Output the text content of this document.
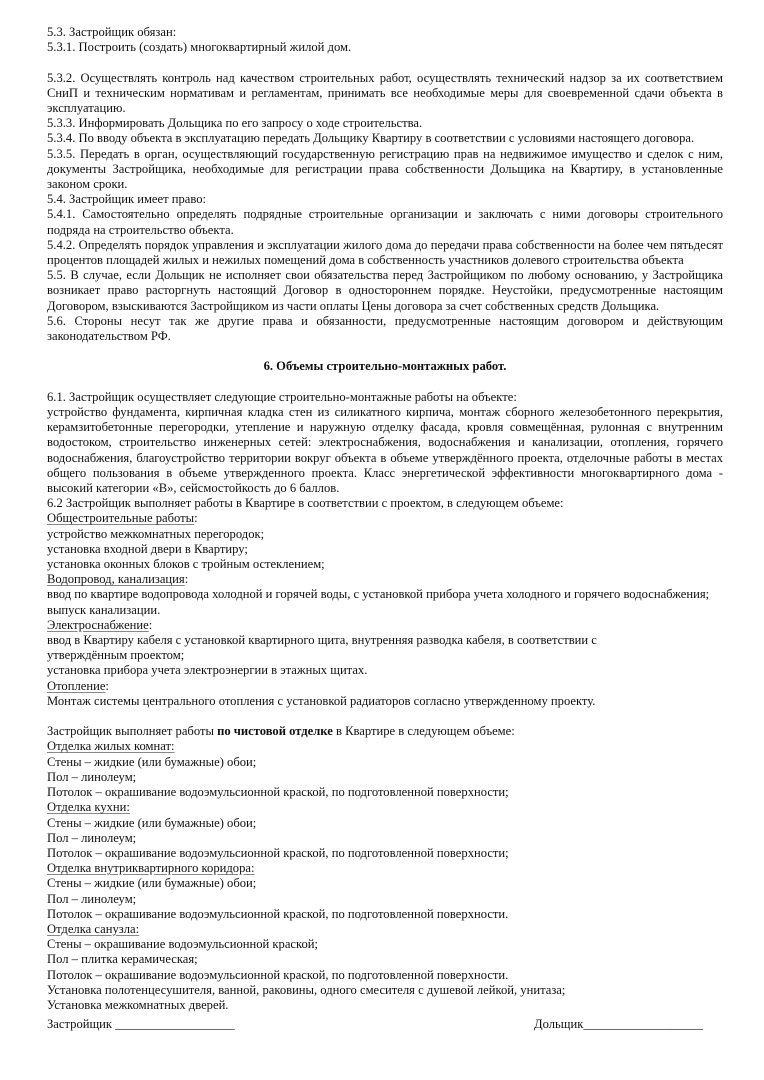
5.3. Застройщик обязан:

5.3.1. Построить (создать) многоквартирный жилой дом.

5.3.2. Осуществлять контроль над качеством строительных работ, осуществлять технический надзор за их соответствием СниП и техническим нормативам и регламентам, принимать все необходимые меры для своевременной сдачи объекта в эксплуатацию.

5.3.3. Информировать Дольщика по его запросу о ходе строительства.

5.3.4. По вводу объекта в эксплуатацию передать Дольщику Квартиру в соответствии с условиями настоящего договора.

5.3.5. Передать в орган, осуществляющий государственную регистрацию прав на недвижимое имущество и сделок с ним, документы Застройщика, необходимые для регистрации права собственности Дольщика на Квартиру, в установленные законом сроки.

5.4. Застройщик имеет право:

5.4.1. Самостоятельно определять подрядные строительные организации и заключать с ними договоры строительного подряда на строительство объекта.

5.4.2. Определять порядок управления и эксплуатации жилого дома до передачи права собственности на более чем пятьдесят процентов площадей жилых и нежилых помещений дома в собственность участников долевого строительства объекта

5.5. В случае, если Дольщик не исполняет свои обязательства перед Застройщиком по любому основанию, у Застройщика возникает право расторгнуть настоящий Договор в одностороннем порядке. Неустойки, предусмотренные настоящим Договором, взыскиваются Застройщиком из части оплаты Цены договора за счет собственных средств Дольщика.

5.6. Стороны несут так же другие права и обязанности, предусмотренные настоящим договором и действующим законодательством РФ.

6. Объемы строительно-монтажных работ.

6.1. Застройщик осуществляет следующие строительно-монтажные работы на объекте:

устройство фундамента, кирпичная кладка стен из силикатного кирпича, монтаж сборного железобетонного перекрытия, керамзитобетонные перегородки, утепление и наружную отделку фасада, кровля совмещённая, рулонная с внутренним водостоком, строительство инженерных сетей: электроснабжения, водоснабжения и канализации, отопления, горячего водоснабжения, благоустройство территории вокруг объекта в объеме утверждённого проекта, отделочные работы в местах общего пользования в объеме утвержденного проекта. Класс энергетической эффективности многоквартирного дома - высокий категории «В», сейсмостойкость до 6 баллов.

6.2 Застройщик выполняет работы в Квартире в соответствии с проектом, в следующем объеме:

Общестроительные работы:

устройство межкомнатных перегородок;

установка входной двери в Квартиру;

установка оконных блоков с тройным остеклением;

Водопровод, канализация:

ввод по квартире водопровода холодной и горячей воды, с установкой прибора учета холодного и горячего водоснабжения;

выпуск канализации.

Электроснабжение:

ввод в Квартиру кабеля с установкой квартирного щита, внутренняя разводка кабеля, в соответствии с утверждённым проектом;

установка прибора учета электроэнергии в этажных щитах.

Отопление:

Монтаж системы центрального отопления с установкой радиаторов согласно утвержденному проекту.

Застройщик выполняет работы по чистовой отделке в Квартире в следующем объеме:

Отделка жилых комнат:

Стены – жидкие (или бумажные) обои;

Пол – линолеум;

Потолок – окрашивание водоэмульсионной краской, по подготовленной поверхности;

Отделка кухни:

Стены – жидкие (или бумажные) обои;

Пол – линолеум;

Потолок – окрашивание водоэмульсионной краской, по подготовленной поверхности;

Отделка внутриквартирного коридора:

Стены – жидкие (или бумажные) обои;

Пол – линолеум;

Потолок – окрашивание водоэмульсионной краской, по подготовленной поверхности.

Отделка санузла:

Стены – окрашивание водоэмульсионной краской;

Пол – плитка керамическая;

Потолок – окрашивание водоэмульсионной краской, по подготовленной поверхности.

Установка полотенцесушителя, ванной, раковины, одного смесителя с душевой лейкой, унитаза;

Установка межкомнатных дверей.

Застройщик ___________________	Дольщик___________________
